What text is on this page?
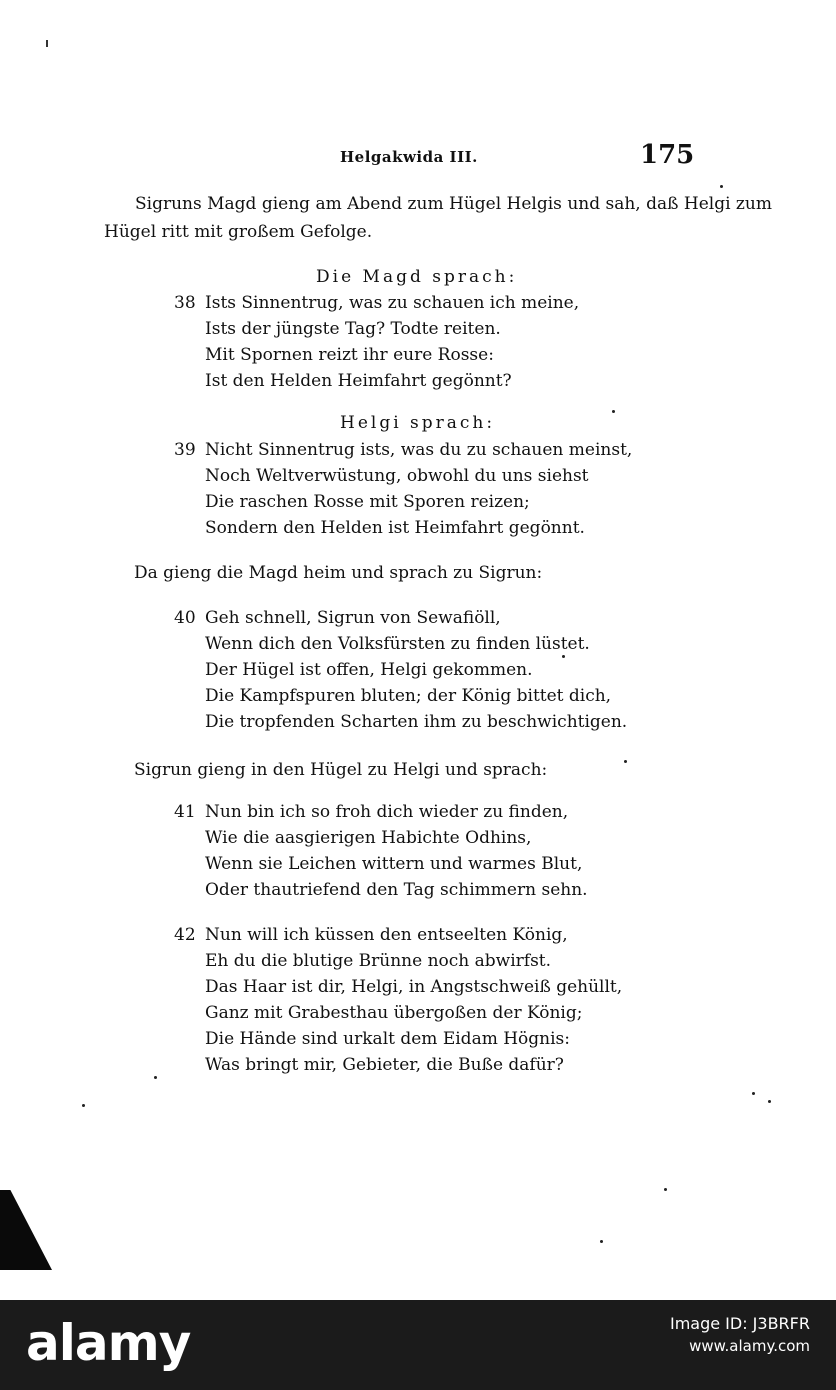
Helgakwida III.	175
Sigruns Magd gieng am Abend zum Hügel Helgis und sah, daß Helgi zum
Hügel ritt mit großem Gefolge.
Die Magd sprach:
38 Ists Sinnentrug, was zu schauen ich meine,
Ists der jüngste Tag? Todte reiten.
Mit Spornen reizt ihr eure Rosse:
Ist den Helden Heimfahrt gegönnt?
Helgi sprach:
39 Nicht Sinnentrug ists, was du zu schauen meinst,
Noch Weltverwüstung, obwohl du uns siehst
Die raschen Rosse mit Sporen reizen;
Sondern den Helden ist Heimfahrt gegönnt.
Da gieng die Magd heim und sprach zu Sigrun:
40 Geh schnell, Sigrun von Sewafiöll,
Wenn dich den Volksfürsten zu finden lüstet.
Der Hügel ist offen, Helgi gekommen.
Die Kampfspuren bluten; der König bittet dich,
Die tropfenden Scharten ihm zu beschwichtigen.
Sigrun gieng in den Hügel zu Helgi und sprach:
41 Nun bin ich so froh dich wieder zu finden,
Wie die aasgierigen Habichte Odhins,
Wenn sie Leichen wittern und warmes Blut,
Oder thautriefend den Tag schimmern sehn.
42 Nun will ich küssen den entseelten König,
Eh du die blutige Brünne noch abwirfst.
Das Haar ist dir, Helgi, in Angstschweiß gehüllt,
Ganz mit Grabesthau übergoßen der König;
Die Hände sind urkalt dem Eidam Högnis:
Was bringt mir, Gebieter, die Buße dafür?
alamy	Image ID: J3BRFR
www.alamy.com
